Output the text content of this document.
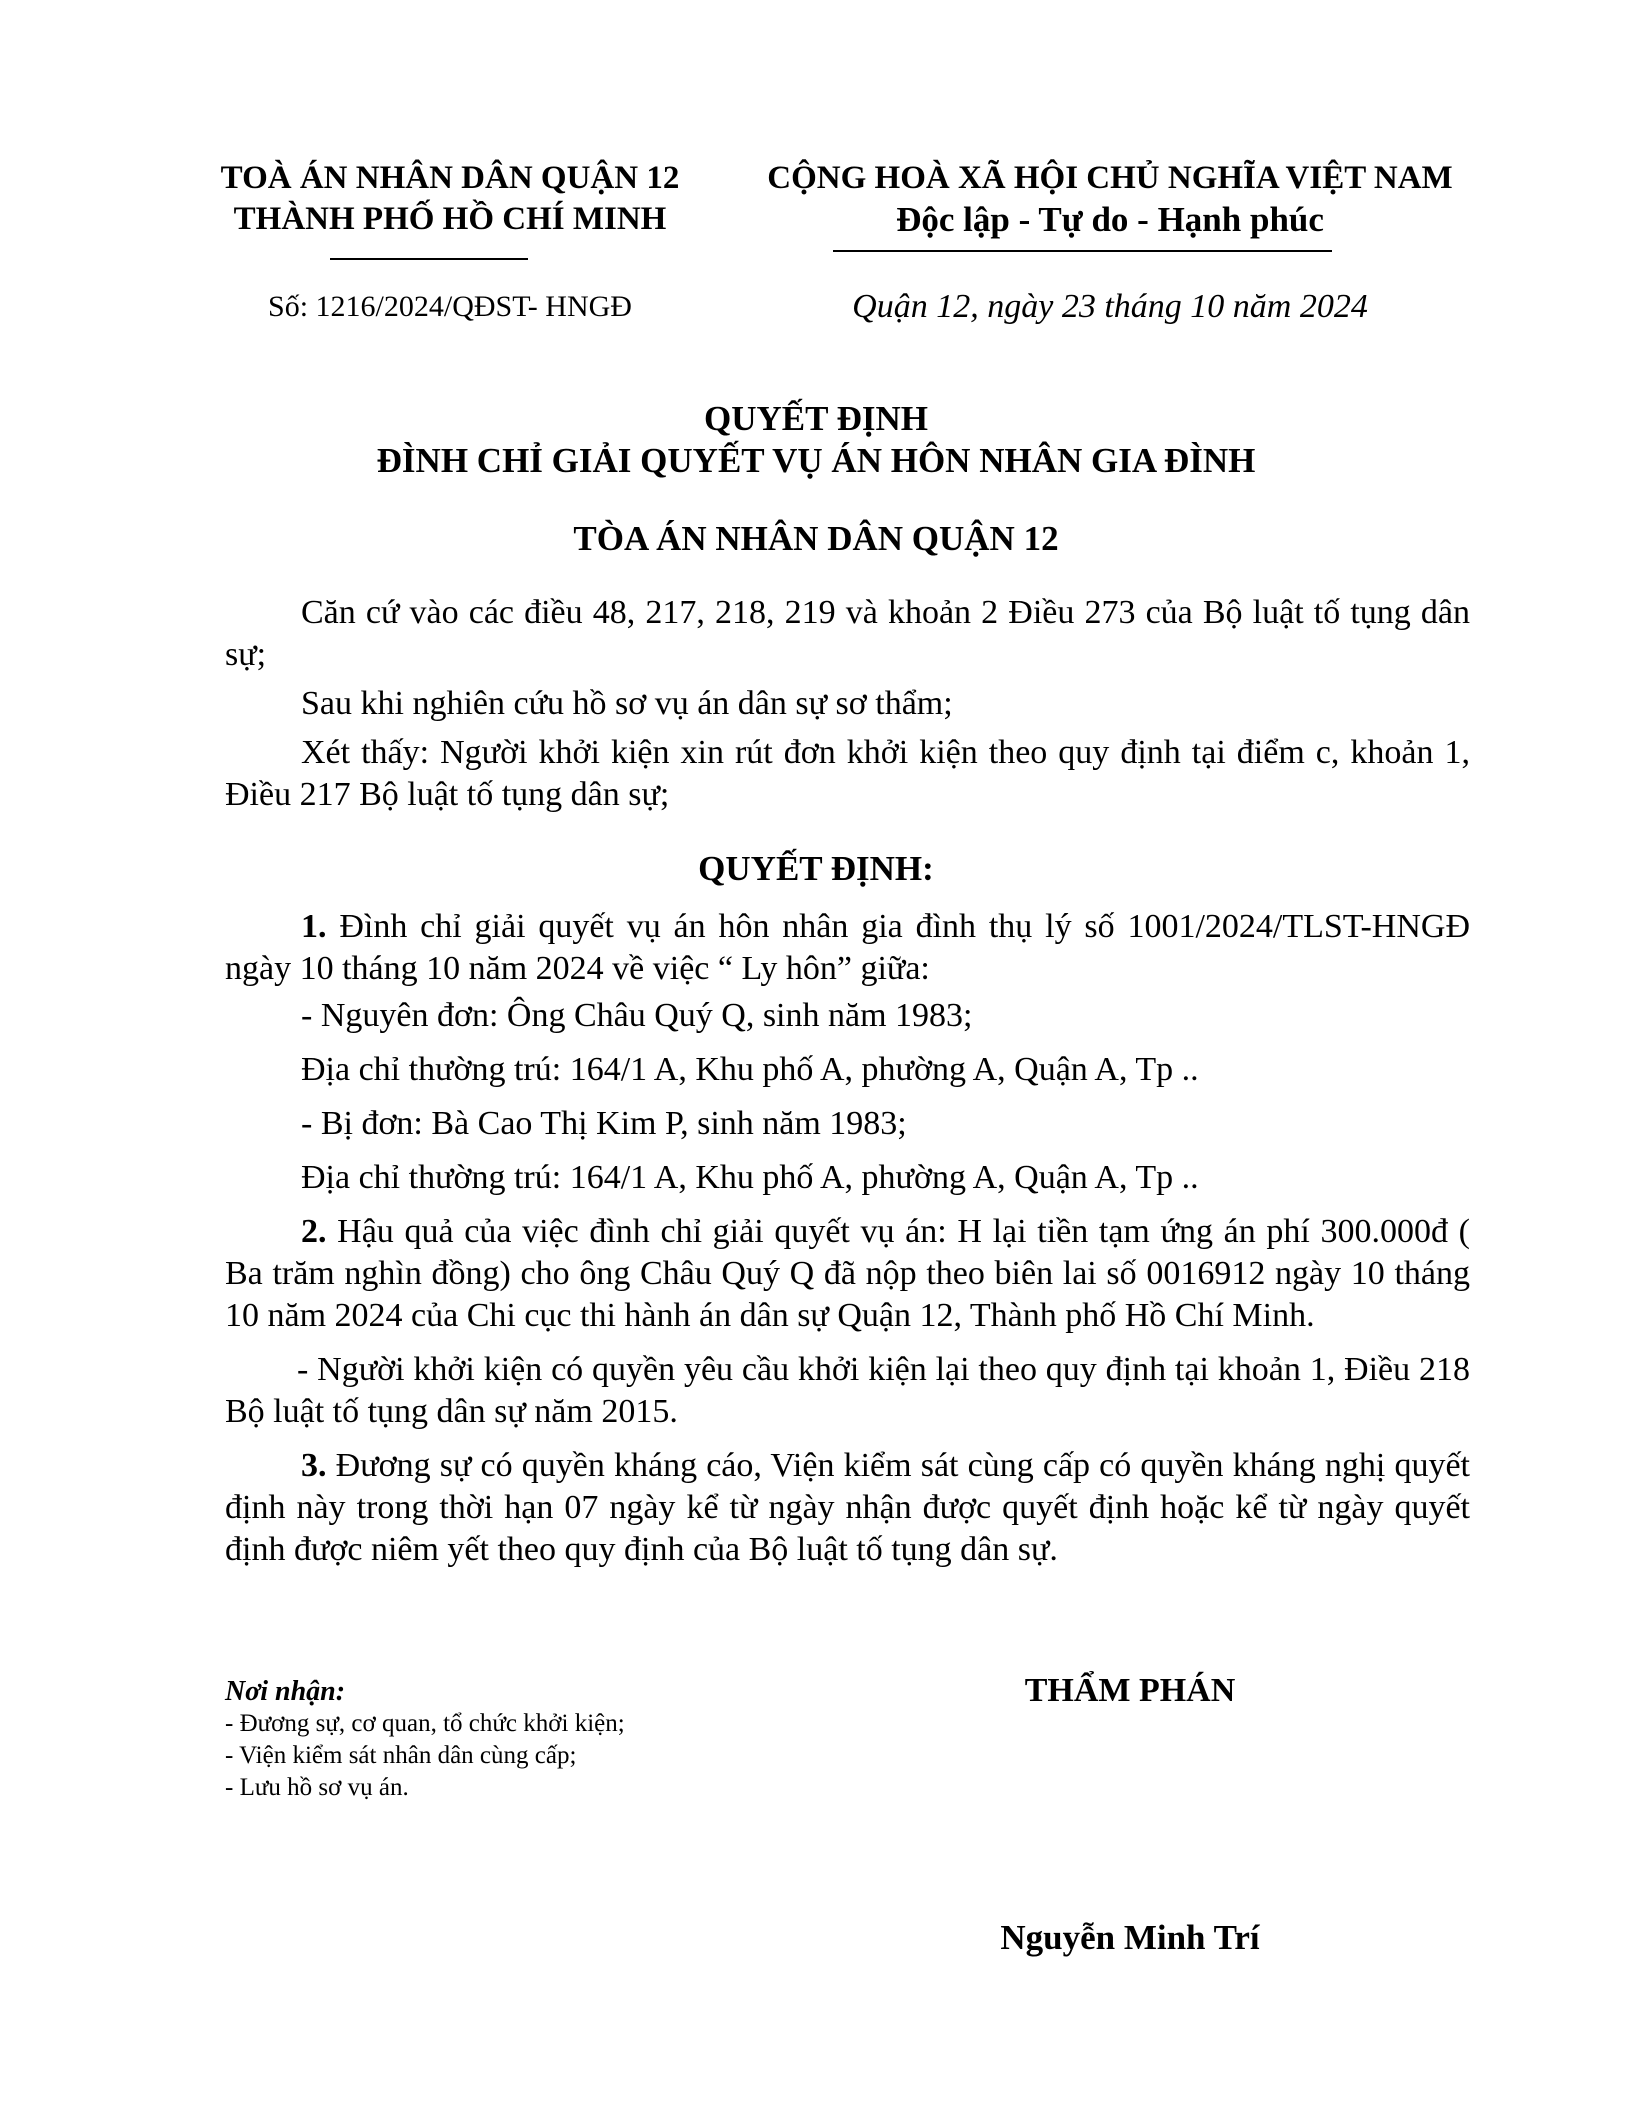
TOÀ ÁN NHÂN DÂN QUẬN 12
THÀNH PHỐ HỒ CHÍ MINH
CỘNG HOÀ XÃ HỘI CHỦ NGHĨA VIỆT NAM
Độc lập - Tự do - Hạnh phúc
Số: 1216/2024/QĐST- HNGĐ	Quận 12, ngày 23 tháng 10 năm 2024
QUYẾT ĐỊNH
ĐÌNH CHỈ GIẢI QUYẾT VỤ ÁN HÔN NHÂN GIA ĐÌNH
TÒA ÁN NHÂN DÂN QUẬN 12

Căn cứ vào các điều 48, 217, 218, 219 và khoản 2 Điều 273 của Bộ luật tố tụng dân sự;

Sau khi nghiên cứu hồ sơ vụ án dân sự sơ thẩm;

Xét thấy: Người khởi kiện xin rút đơn khởi kiện theo quy định tại điểm c, khoản 1, Điều 217 Bộ luật tố tụng dân sự;

QUYẾT ĐỊNH:

1. Đình chỉ giải quyết vụ án hôn nhân gia đình thụ lý số 1001/2024/TLST-HNGĐ ngày 10 tháng 10 năm 2024 về việc “ Ly hôn” giữa:

- Nguyên đơn: Ông Châu Quý Q, sinh năm 1983;

Địa chỉ thường trú: 164/1 A, Khu phố A, phường A, Quận A, Tp ..

- Bị đơn: Bà Cao Thị Kim P, sinh năm 1983;

Địa chỉ thường trú: 164/1 A, Khu phố A, phường A, Quận A, Tp ..

2. Hậu quả của việc đình chỉ giải quyết vụ án: H lại tiền tạm ứng án phí 300.000đ ( Ba trăm nghìn đồng) cho ông Châu Quý Q đã nộp theo biên lai số 0016912 ngày 10 tháng 10 năm 2024 của Chi cục thi hành án dân sự Quận 12, Thành phố Hồ Chí Minh.

- Người khởi kiện có quyền yêu cầu khởi kiện lại theo quy định tại khoản 1, Điều 218 Bộ luật tố tụng dân sự năm 2015.

3. Đương sự có quyền kháng cáo, Viện kiểm sát cùng cấp có quyền kháng nghị quyết định này trong thời hạn 07 ngày kể từ ngày nhận được quyết định hoặc kể từ ngày quyết định được niêm yết theo quy định của Bộ luật tố tụng dân sự.

Nơi nhận:
- Đương sự, cơ quan, tổ chức khởi kiện;
- Viện kiểm sát nhân dân cùng cấp;
- Lưu hồ sơ vụ án.
THẨM PHÁN
Nguyễn Minh Trí
